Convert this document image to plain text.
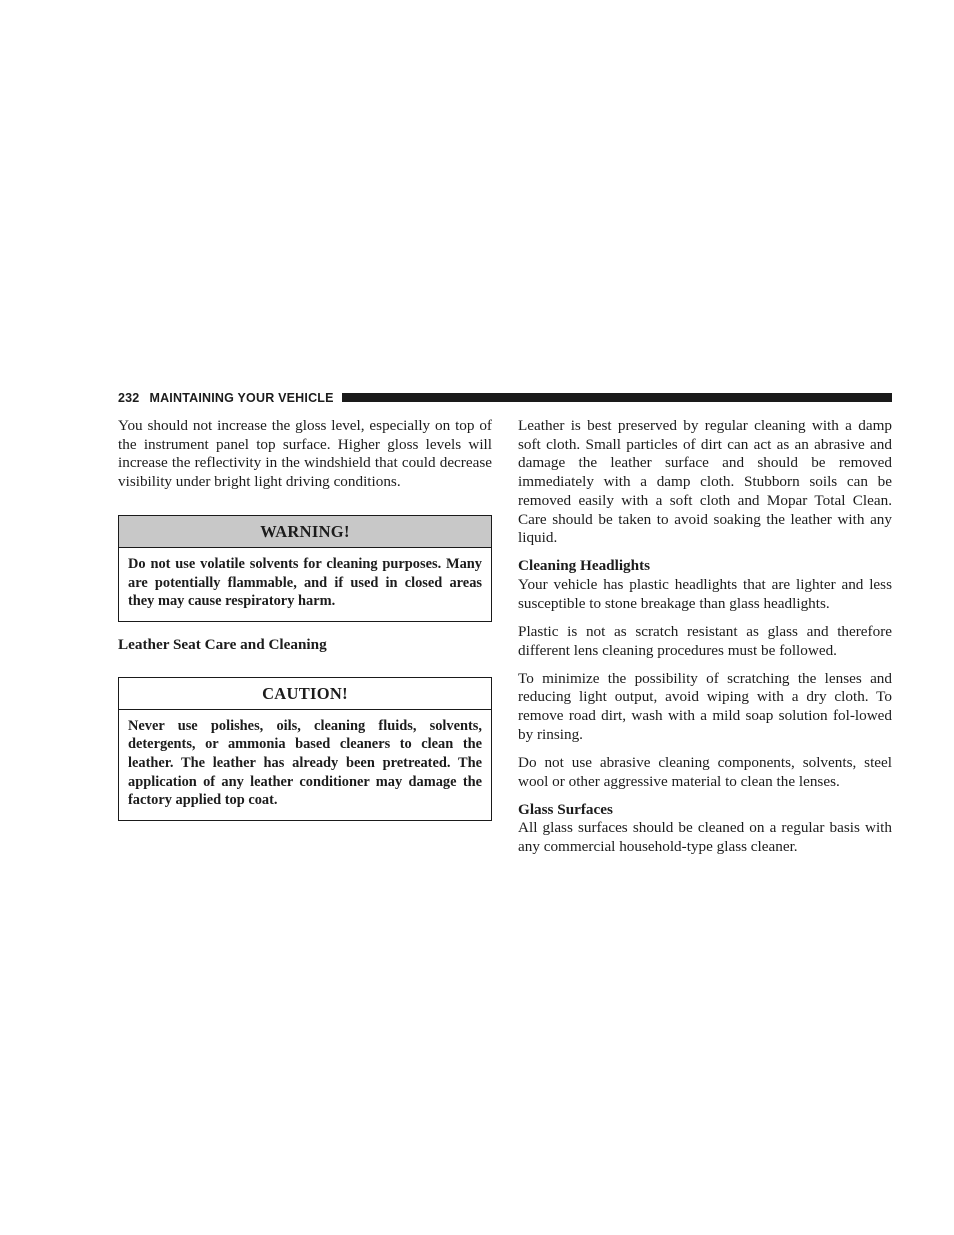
232 MAINTAINING YOUR VEHICLE

You should not increase the gloss level, especially on top of the instrument panel top surface. Higher gloss levels will increase the reflectivity in the windshield that could decrease visibility under bright light driving conditions.

WARNING!
Do not use volatile solvents for cleaning purposes. Many are potentially flammable, and if used in closed areas they may cause respiratory harm.
Leather Seat Care and Cleaning
CAUTION!
Never use polishes, oils, cleaning fluids, solvents, detergents, or ammonia based cleaners to clean the leather. The leather has already been pretreated. The application of any leather conditioner may damage the factory applied top coat.

Leather is best preserved by regular cleaning with a damp soft cloth. Small particles of dirt can act as an abrasive and damage the leather surface and should be removed immediately with a damp cloth. Stubborn soils can be removed easily with a soft cloth and Mopar Total Clean. Care should be taken to avoid soaking the leather with any liquid.

Cleaning Headlights

Your vehicle has plastic headlights that are lighter and less susceptible to stone breakage than glass headlights.

Plastic is not as scratch resistant as glass and therefore different lens cleaning procedures must be followed.

To minimize the possibility of scratching the lenses and reducing light output, avoid wiping with a dry cloth. To remove road dirt, wash with a mild soap solution fol-lowed by rinsing.

Do not use abrasive cleaning components, solvents, steel wool or other aggressive material to clean the lenses.

Glass Surfaces

All glass surfaces should be cleaned on a regular basis with any commercial household-type glass cleaner.
